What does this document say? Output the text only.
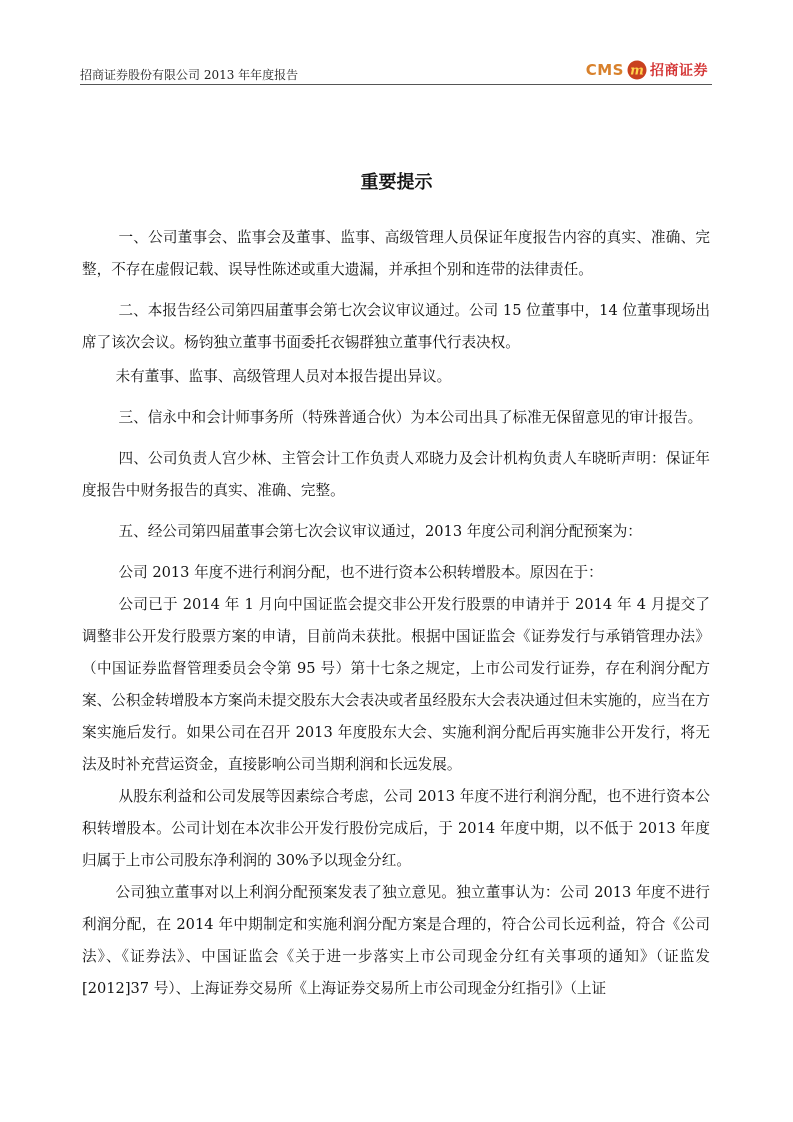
招商证券股份有限公司 2013 年年度报告	CMS m 招商证券
重要提示

一、公司董事会、监事会及董事、监事、高级管理人员保证年度报告内容的真实、准确、完整，不存在虚假记载、误导性陈述或重大遗漏，并承担个别和连带的法律责任。

二、本报告经公司第四届董事会第七次会议审议通过。公司 15 位董事中，14 位董事现场出席了该次会议。杨钧独立董事书面委托衣锡群独立董事代行表决权。

未有董事、监事、高级管理人员对本报告提出异议。

三、信永中和会计师事务所（特殊普通合伙）为本公司出具了标准无保留意见的审计报告。

四、公司负责人宫少林、主管会计工作负责人邓晓力及会计机构负责人车晓昕声明：保证年度报告中财务报告的真实、准确、完整。

五、经公司第四届董事会第七次会议审议通过，2013 年度公司利润分配预案为：

公司 2013 年度不进行利润分配，也不进行资本公积转增股本。原因在于：

公司已于 2014 年 1 月向中国证监会提交非公开发行股票的申请并于 2014 年 4 月提交了调整非公开发行股票方案的申请，目前尚未获批。根据中国证监会《证券发行与承销管理办法》（中国证券监督管理委员会令第 95 号）第十七条之规定，上市公司发行证券，存在利润分配方案、公积金转增股本方案尚未提交股东大会表决或者虽经股东大会表决通过但未实施的，应当在方案实施后发行。如果公司在召开 2013 年度股东大会、实施利润分配后再实施非公开发行，将无法及时补充营运资金，直接影响公司当期利润和长远发展。

从股东利益和公司发展等因素综合考虑，公司 2013 年度不进行利润分配，也不进行资本公积转增股本。公司计划在本次非公开发行股份完成后，于 2014 年度中期，以不低于 2013 年度归属于上市公司股东净利润的 30%予以现金分红。

公司独立董事对以上利润分配预案发表了独立意见。独立董事认为：公司 2013 年度不进行利润分配，在 2014 年中期制定和实施利润分配方案是合理的，符合公司长远利益，符合《公司法》、《证券法》、中国证监会《关于进一步落实上市公司现金分红有关事项的通知》（证监发[2012]37 号）、上海证券交易所《上海证券交易所上市公司现金分红指引》（上证
